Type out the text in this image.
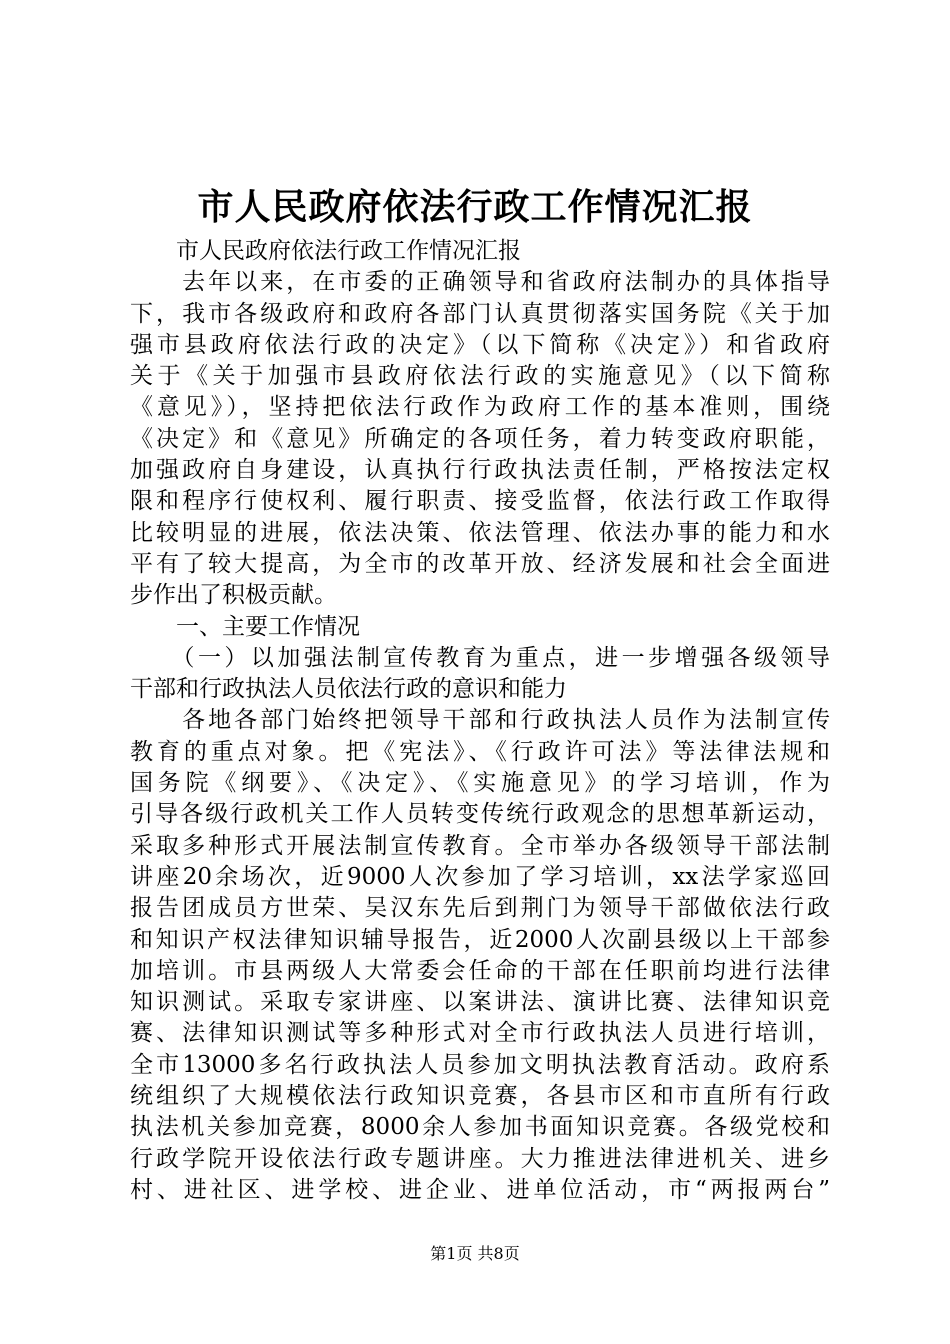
市人民政府依法行政工作情况汇报
　　市人民政府依法行政工作情况汇报
　　去年以来，在市委的正确领导和省政府法制办的具体指导
下，我市各级政府和政府各部门认真贯彻落实国务院《关于加
强市县政府依法行政的决定》（以下简称《决定》）和省政府
关于《关于加强市县政府依法行政的实施意见》（以下简称
《意见》），坚持把依法行政作为政府工作的基本准则，围绕
《决定》和《意见》所确定的各项任务，着力转变政府职能，
加强政府自身建设，认真执行行政执法责任制，严格按法定权
限和程序行使权利、履行职责、接受监督，依法行政工作取得
比较明显的进展，依法决策、依法管理、依法办事的能力和水
平有了较大提高，为全市的改革开放、经济发展和社会全面进
步作出了积极贡献。
　　一、主要工作情况
　　（一）以加强法制宣传教育为重点，进一步增强各级领导
干部和行政执法人员依法行政的意识和能力
　　各地各部门始终把领导干部和行政执法人员作为法制宣传
教育的重点对象。把《宪法》、《行政许可法》等法律法规和
国务院《纲要》、《决定》、《实施意见》的学习培训，作为
引导各级行政机关工作人员转变传统行政观念的思想革新运动，
采取多种形式开展法制宣传教育。全市举办各级领导干部法制
讲座20余场次，近9000人次参加了学习培训，xx法学家巡回
报告团成员方世荣、吴汉东先后到荆门为领导干部做依法行政
和知识产权法律知识辅导报告，近2000人次副县级以上干部参
加培训。市县两级人大常委会任命的干部在任职前均进行法律
知识测试。采取专家讲座、以案讲法、演讲比赛、法律知识竞
赛、法律知识测试等多种形式对全市行政执法人员进行培训，
全市13000多名行政执法人员参加文明执法教育活动。政府系
统组织了大规模依法行政知识竞赛，各县市区和市直所有行政
执法机关参加竞赛，8000余人参加书面知识竞赛。各级党校和
行政学院开设依法行政专题讲座。大力推进法律进机关、进乡
村、进社区、进学校、进企业、进单位活动，市“两报两台”
第1页 共8页
